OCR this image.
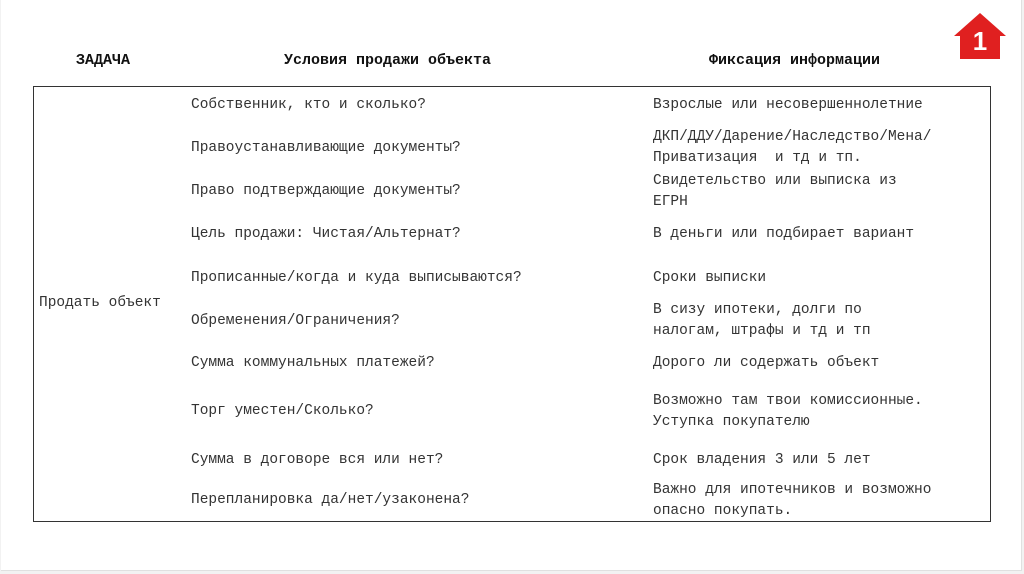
ЗАДАЧА	Условия продажи объекта	Фиксация информации
1
Продать объект
Собственник, кто и сколько?
Правоустанавливающие документы?
Право подтверждающие документы?
Цель продажи: Чистая/Альтернат?
Прописанные/когда и куда выписываются?
Обременения/Ограничения?
Сумма коммунальных платежей?
Торг уместен/Сколько?
Сумма в договоре вся или нет?
Перепланировка да/нет/узаконена?
Взрослые или несовершеннолетние
ДКП/ДДУ/Дарение/Наследство/Мена/
Приватизация  и тд и тп.
Свидетельство или выписка из
ЕГРН
В деньги или подбирает вариант
Сроки выписки
В сизу ипотеки, долги по
налогам, штрафы и тд и тп
Дорого ли содержать объект
Возможно там твои комиссионные.
Уступка покупателю
Срок владения 3 или 5 лет
Важно для ипотечников и возможно
опасно покупать.
